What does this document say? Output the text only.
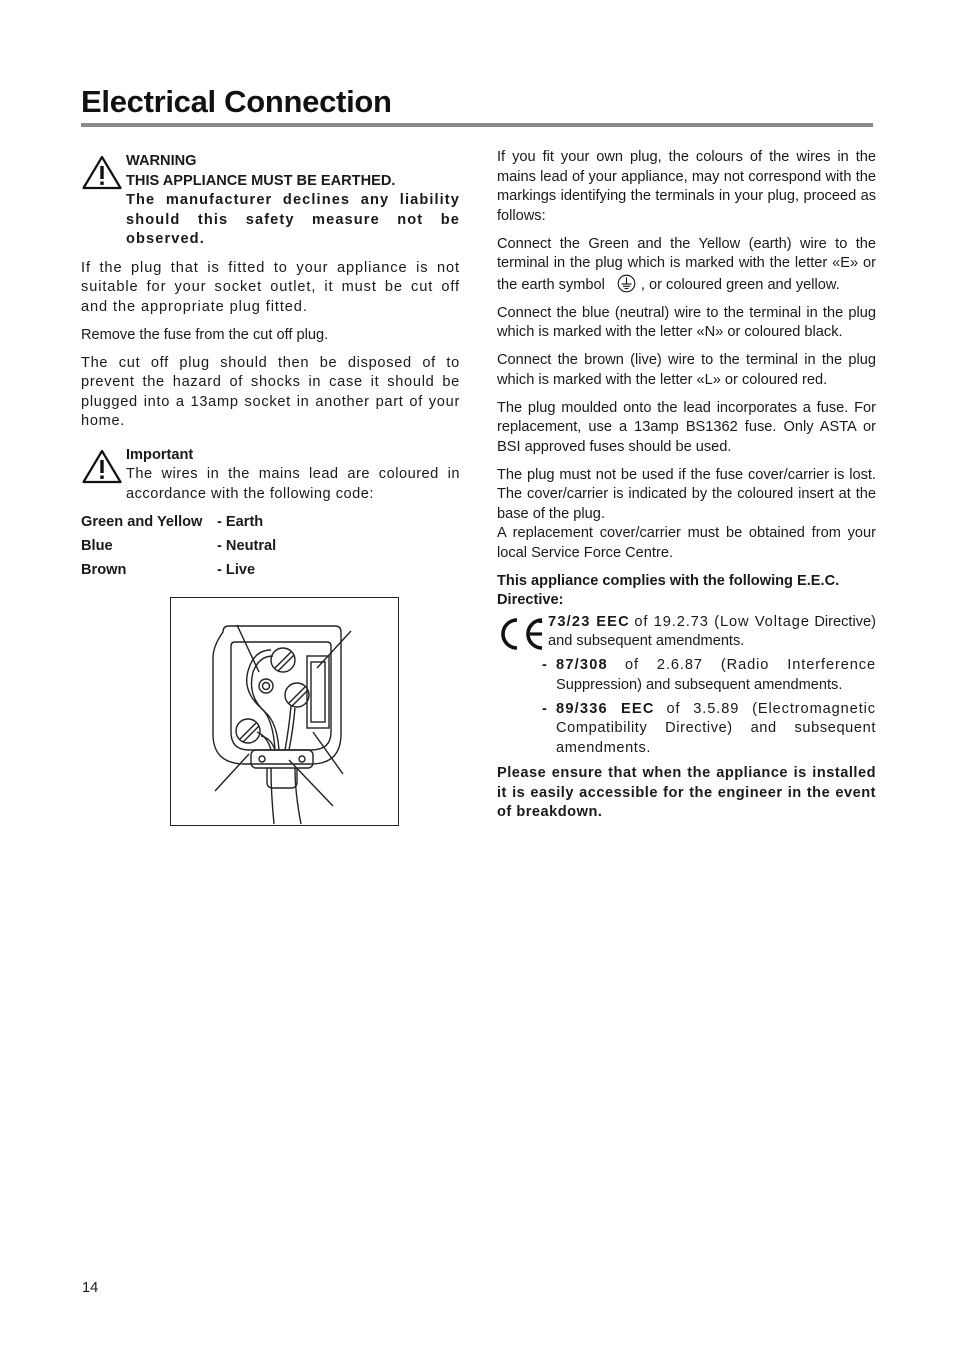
Electrical Connection

WARNING

THIS APPLIANCE MUST BE EARTHED.

The manufacturer declines any liability should this safety measure not be observed.

If the plug that is fitted to your appliance is not suitable for your socket outlet, it must be cut off and the appropriate plug fitted.

Remove the fuse from the cut off plug.

The cut off plug should then be disposed of to prevent the hazard of shocks in case it should be plugged into a 13amp socket in another part of your home.

Important

The wires in the mains lead are coloured in accordance with the following code:

Green and Yellow	- Earth
Blue	- Neutral
Brown	- Live

If you fit your own plug, the colours of the wires in the mains lead of your appliance, may not correspond with the markings identifying the terminals in your plug, proceed as follows:

Connect the Green and the Yellow (earth) wire to the terminal in the plug which is marked with the letter «E» or the earth symbol , or coloured green and yellow.

Connect the blue (neutral) wire to the terminal in the plug which is marked with the letter «N» or coloured black.

Connect the brown (live) wire to the terminal in the plug which is marked with the letter «L» or coloured red.

The plug moulded onto the lead incorporates a fuse. For replacement, use a 13amp BS1362 fuse. Only ASTA or BSI approved fuses should be used.

The plug must not be used if the fuse cover/carrier is lost. The cover/carrier is indicated by the coloured insert at the base of the plug.

A replacement cover/carrier must be obtained from your local Service Force Centre.

This appliance complies with the following E.E.C. Directive:

- 73/23 EEC of 19.2.73 (Low Voltage Directive) and subsequent amendments.
- 87/308 of 2.6.87 (Radio Interference Suppression) and subsequent amendments.
- 89/336 EEC of 3.5.89 (Electromagnetic Compatibility Directive) and subsequent amendments.

Please ensure that when the appliance is installed it is easily accessible for the engineer in the event of breakdown.

14
